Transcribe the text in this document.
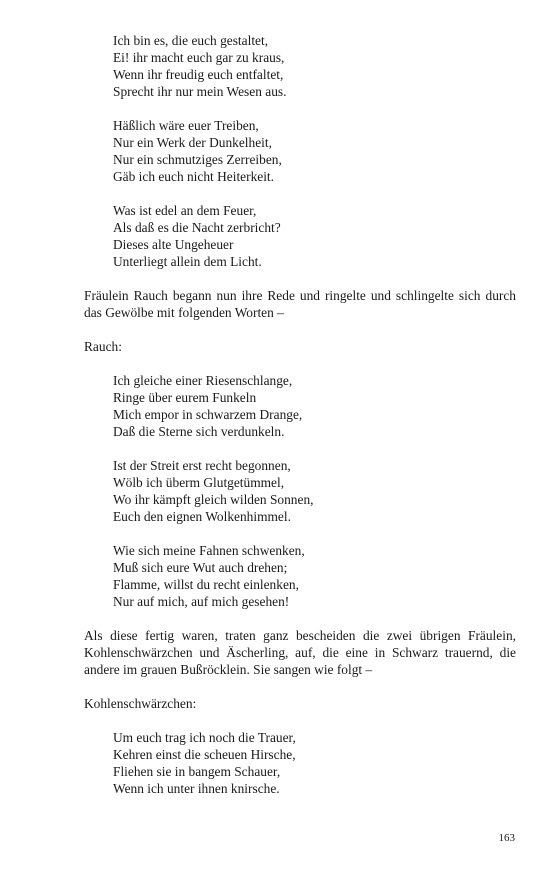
Ich bin es, die euch gestaltet,
Ei! ihr macht euch gar zu kraus,
Wenn ihr freudig euch entfaltet,
Sprecht ihr nur mein Wesen aus.
Häßlich wäre euer Treiben,
Nur ein Werk der Dunkelheit,
Nur ein schmutziges Zerreiben,
Gäb ich euch nicht Heiterkeit.
Was ist edel an dem Feuer,
Als daß es die Nacht zerbricht?
Dieses alte Ungeheuer
Unterliegt allein dem Licht.
Fräulein Rauch begann nun ihre Rede und ringelte und schlingelte sich durch das Gewölbe mit folgenden Worten –
Rauch:
Ich gleiche einer Riesenschlange,
Ringe über eurem Funkeln
Mich empor in schwarzem Drange,
Daß die Sterne sich verdunkeln.
Ist der Streit erst recht begonnen,
Wölb ich überm Glutgetümmel,
Wo ihr kämpft gleich wilden Sonnen,
Euch den eignen Wolkenhimmel.
Wie sich meine Fahnen schwenken,
Muß sich eure Wut auch drehen;
Flamme, willst du recht einlenken,
Nur auf mich, auf mich gesehen!
Als diese fertig waren, traten ganz bescheiden die zwei übrigen Fräulein, Kohlenschwärzchen und Äscherling, auf, die eine in Schwarz trauernd, die andere im grauen Bußröcklein. Sie sangen wie folgt –
Kohlenschwärzchen:
Um euch trag ich noch die Trauer,
Kehren einst die scheuen Hirsche,
Fliehen sie in bangem Schauer,
Wenn ich unter ihnen knirsche.
163
